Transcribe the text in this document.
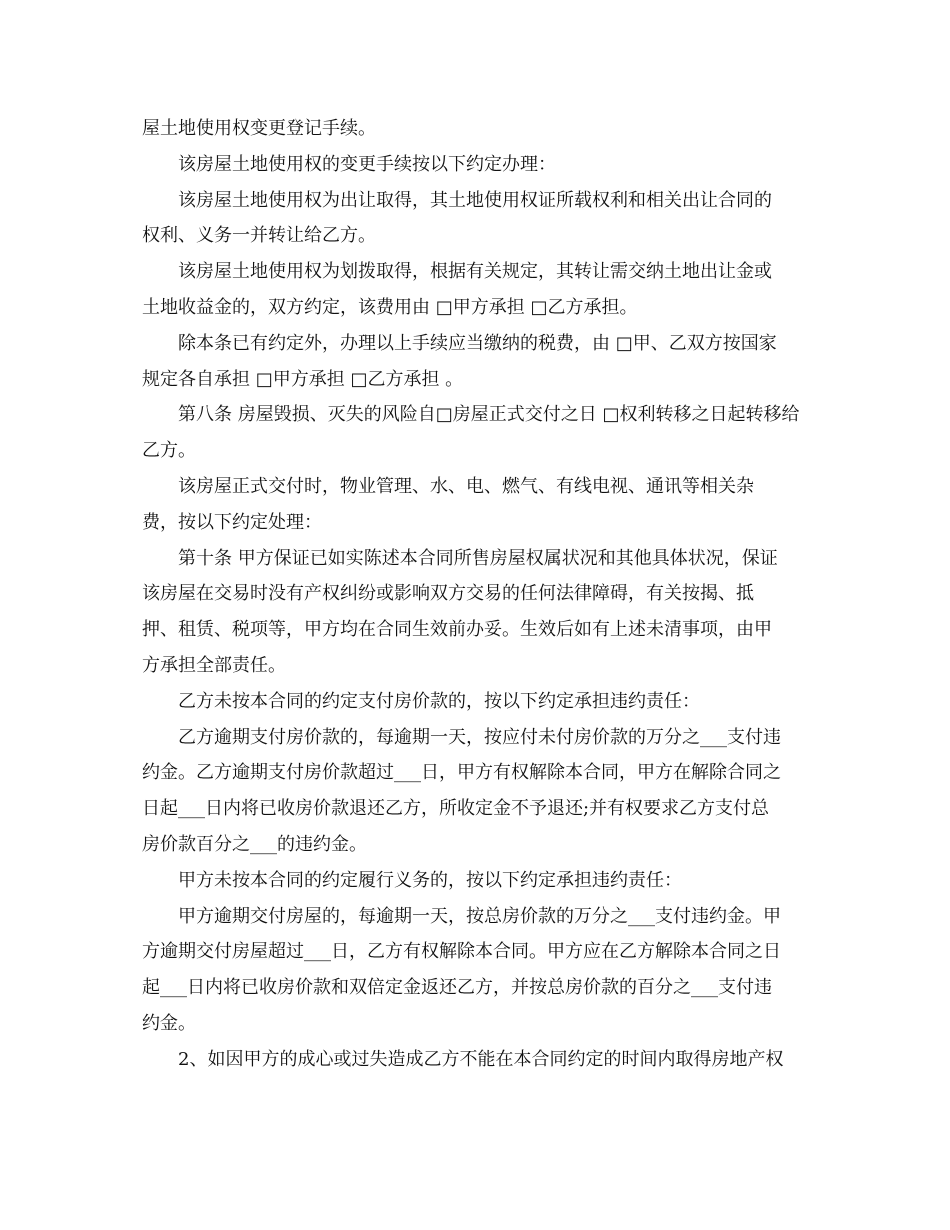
屋土地使用权变更登记手续。
该房屋土地使用权的变更手续按以下约定办理：
该房屋土地使用权为出让取得，其土地使用权证所载权利和相关出让合同的
权利、义务一并转让给乙方。
该房屋土地使用权为划拨取得，根据有关规定，其转让需交纳土地出让金或
土地收益金的，双方约定，该费用由 □甲方承担 □乙方承担。
除本条已有约定外，办理以上手续应当缴纳的税费，由 □甲、乙双方按国家
规定各自承担 □甲方承担 □乙方承担 。
第八条 房屋毁损、灭失的风险自□房屋正式交付之日 □权利转移之日起转移给
乙方。
该房屋正式交付时，物业管理、水、电、燃气、有线电视、通讯等相关杂
费，按以下约定处理：
第十条 甲方保证已如实陈述本合同所售房屋权属状况和其他具体状况，保证
该房屋在交易时没有产权纠纷或影响双方交易的任何法律障碍，有关按揭、抵
押、租赁、税项等，甲方均在合同生效前办妥。生效后如有上述未清事项，由甲
方承担全部责任。
乙方未按本合同的约定支付房价款的，按以下约定承担违约责任：
乙方逾期支付房价款的，每逾期一天，按应付未付房价款的万分之___支付违
约金。乙方逾期支付房价款超过___日，甲方有权解除本合同，甲方在解除合同之
日起___日内将已收房价款退还乙方，所收定金不予退还;并有权要求乙方支付总
房价款百分之___的违约金。
甲方未按本合同的约定履行义务的，按以下约定承担违约责任：
甲方逾期交付房屋的，每逾期一天，按总房价款的万分之___支付违约金。甲
方逾期交付房屋超过___日，乙方有权解除本合同。甲方应在乙方解除本合同之日
起___日内将已收房价款和双倍定金返还乙方，并按总房价款的百分之___支付违
约金。
2、如因甲方的成心或过失造成乙方不能在本合同约定的时间内取得房地产权
